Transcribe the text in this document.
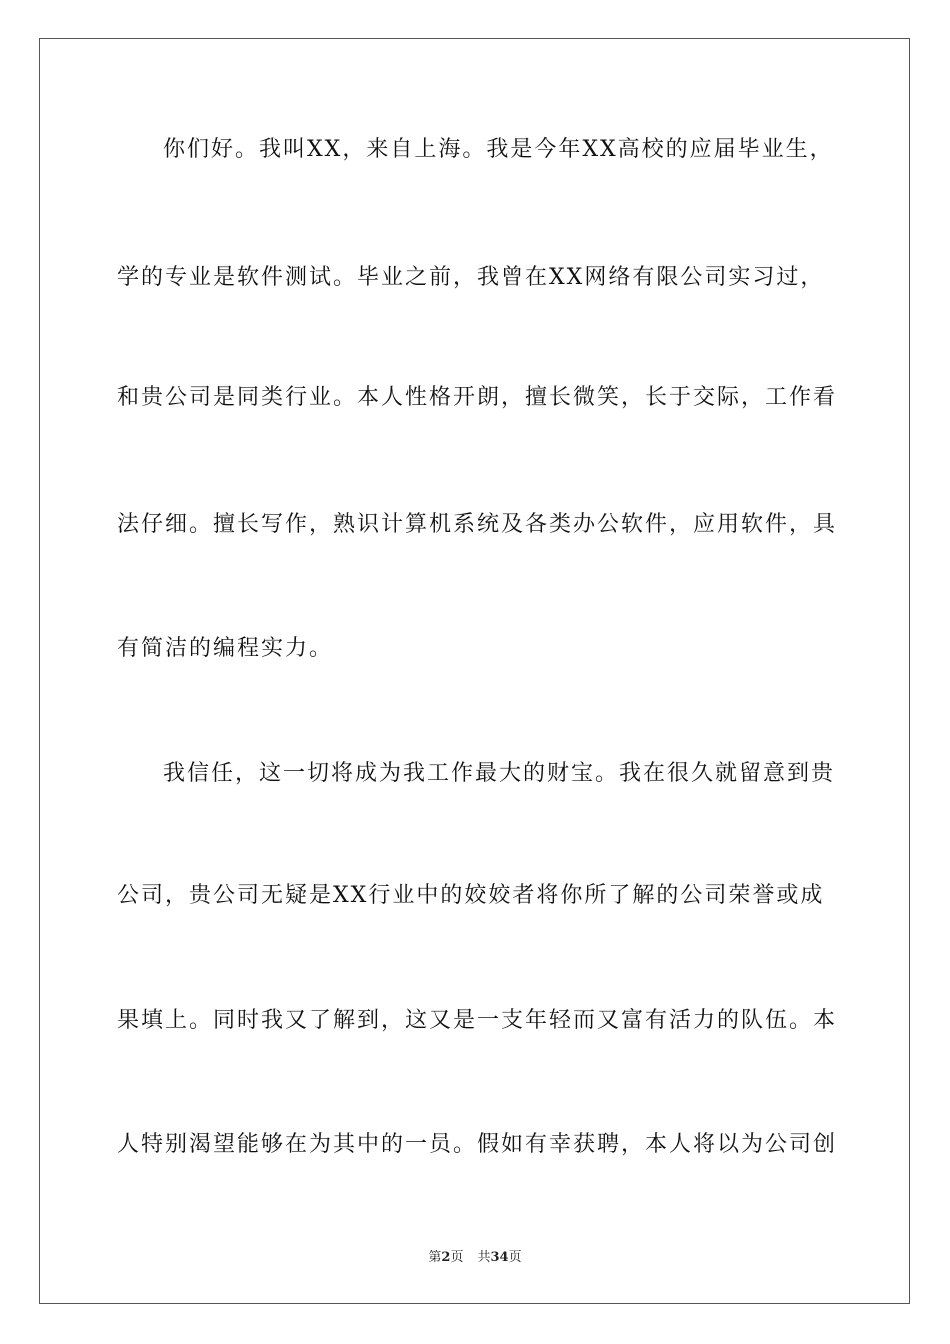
你们好。我叫XX，来自上海。我是今年XX高校的应届毕业生，
学的专业是软件测试。毕业之前，我曾在XX网络有限公司实习过，
和贵公司是同类行业。本人性格开朗，擅长微笑，长于交际，工作看
法仔细。擅长写作，熟识计算机系统及各类办公软件，应用软件，具
有简洁的编程实力。
我信任，这一切将成为我工作最大的财宝。我在很久就留意到贵
公司，贵公司无疑是XX行业中的姣姣者将你所了解的公司荣誉或成
果填上。同时我又了解到，这又是一支年轻而又富有活力的队伍。本
人特别渴望能够在为其中的一员。假如有幸获聘，本人将以为公司创
第2页 共34页
